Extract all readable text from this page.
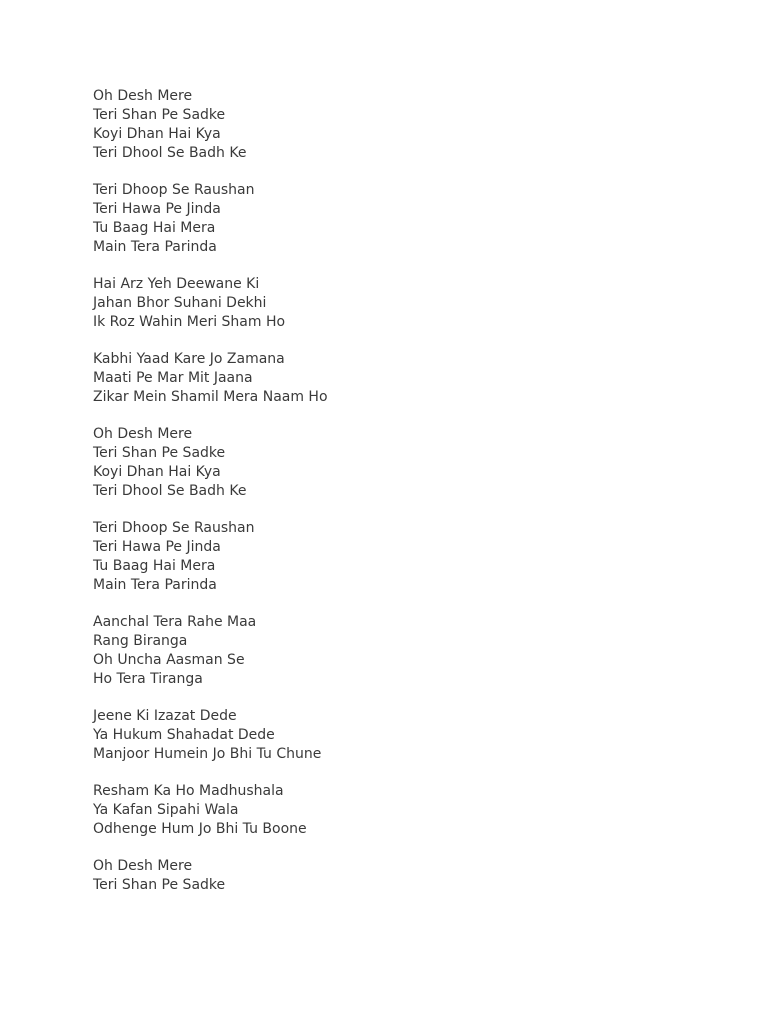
Oh Desh Mere
Teri Shan Pe Sadke
Koyi Dhan Hai Kya
Teri Dhool Se Badh Ke
Teri Dhoop Se Raushan
Teri Hawa Pe Jinda
Tu Baag Hai Mera
Main Tera Parinda
Hai Arz Yeh Deewane Ki
Jahan Bhor Suhani Dekhi
Ik Roz Wahin Meri Sham Ho
Kabhi Yaad Kare Jo Zamana
Maati Pe Mar Mit Jaana
Zikar Mein Shamil Mera Naam Ho
Oh Desh Mere
Teri Shan Pe Sadke
Koyi Dhan Hai Kya
Teri Dhool Se Badh Ke
Teri Dhoop Se Raushan
Teri Hawa Pe Jinda
Tu Baag Hai Mera
Main Tera Parinda
Aanchal Tera Rahe Maa
Rang Biranga
Oh Uncha Aasman Se
Ho Tera Tiranga
Jeene Ki Izazat Dede
Ya Hukum Shahadat Dede
Manjoor Humein Jo Bhi Tu Chune
Resham Ka Ho Madhushala
Ya Kafan Sipahi Wala
Odhenge Hum Jo Bhi Tu Boone
Oh Desh Mere
Teri Shan Pe Sadke
